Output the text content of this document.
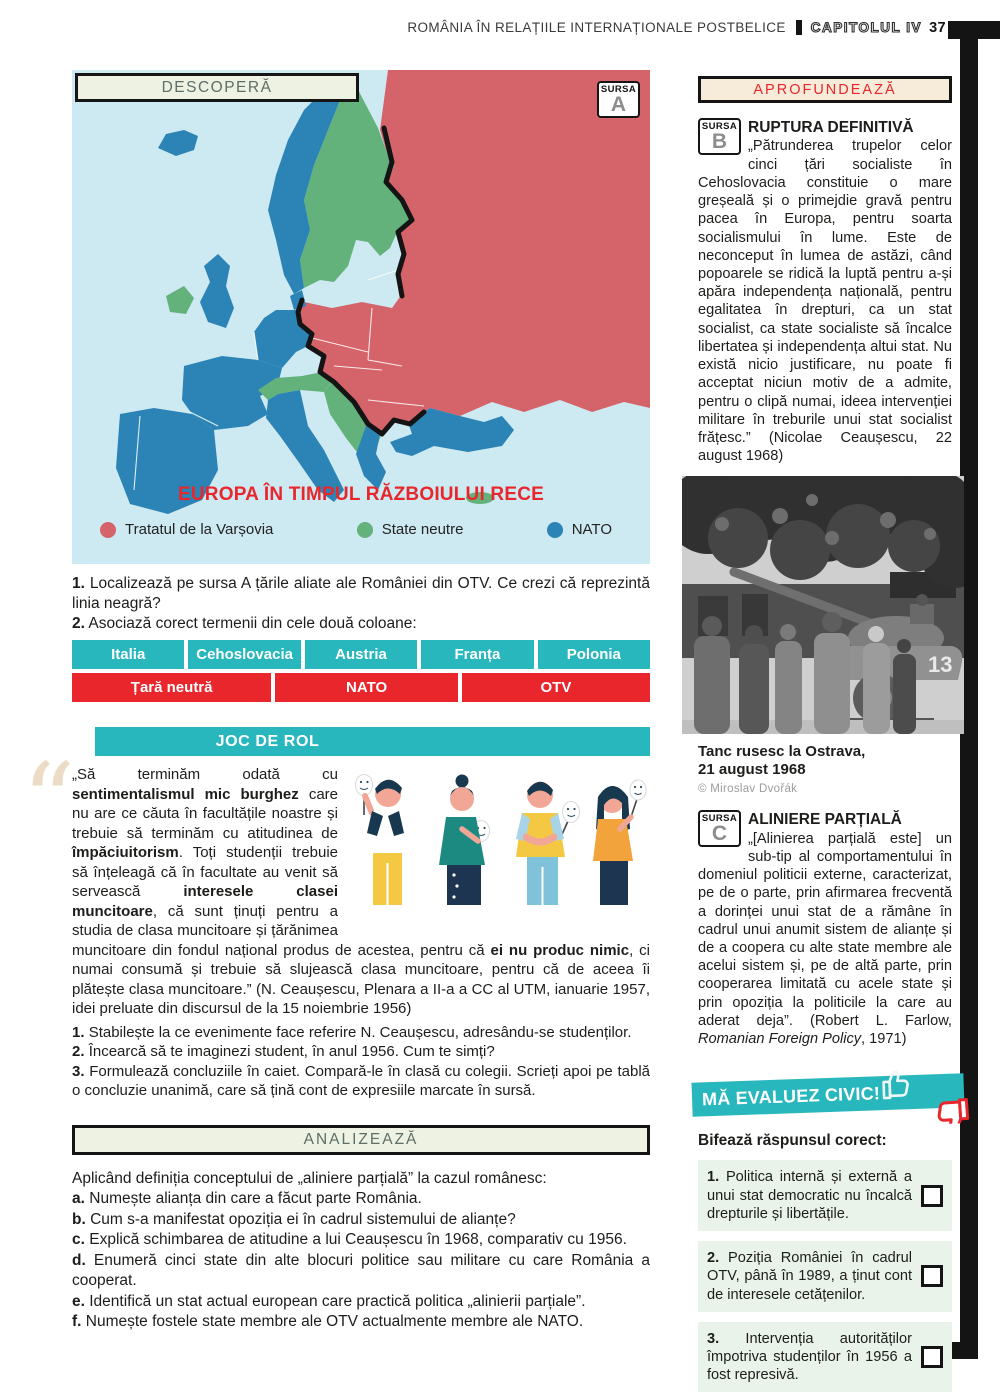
ROMÂNIA ÎN RELAȚIILE INTERNAȚIONALE POSTBELICE CAPITOLUL IV 37
DESCOPERĂ	SURSA
A
EUROPA ÎN TIMPUL RĂZBOIULUI RECE
Tratatul de la Varșovia	State neutre	NATO
1. Localizează pe sursa A țările aliate ale României din OTV. Ce crezi că reprezintă linia neagră?
2. Asociază corect termenii din cele două coloane:
Italia	Cehoslovacia	Austria	Franța	Polonia
Țară neutră	NATO	OTV
JOC DE ROL
“
„Să terminăm odată cu sentimentalismul mic burghez care nu are ce căuta în facultățile noastre și trebuie să terminăm cu atitudinea de împăciuitorism. Toți studenții trebuie să înțeleagă că în facultate au venit să servească interesele clasei muncitoare, că sunt ținuți pentru a studia de clasa muncitoare și țărănimea muncitoare din fondul național produs de acestea, pentru că ei nu produc nimic, ci numai consumă și trebuie să slujească clasa muncitoare, pentru că de aceea îi plătește clasa muncitoare.” (N. Ceaușescu, Plenara a II-a a CC al UTM, ianuarie 1957, idei preluate din discursul de la 15 noiembrie 1956)
1. Stabilește la ce evenimente face referire N. Ceaușescu, adresându-se studenților.
2. Încearcă să te imaginezi student, în anul 1956. Cum te simți?
3. Formulează concluziile în caiet. Compară-le în clasă cu colegii. Scrieți apoi pe tablă o concluzie unanimă, care să țină cont de expresiile marcate în sursă.
ANALIZEAZĂ
Aplicând definiția conceptului de „aliniere parțială” la cazul românesc:
a. Numește alianța din care a făcut parte România.
b. Cum s-a manifestat opoziția ei în cadrul sistemului de alianțe?
c. Explică schimbarea de atitudine a lui Ceaușescu în 1968, comparativ cu 1956.
d. Enumeră cinci state din alte blocuri politice sau militare cu care România a cooperat.
e. Identifică un stat actual european care practică politica „alinierii parțiale”.
f. Numește fostele state membre ale OTV actualmente membre ale NATO.
APROFUNDEAZĂ
SURSA
B
RUPTURA DEFINITIVĂ
„Pătrunderea trupelor celor cinci țări socialiste în Cehoslovacia constituie o mare greșeală și o primejdie gravă pentru pacea în Europa, pentru soarta socialismului în lume. Este de neconceput în lumea de astăzi, când popoarele se ridică la luptă pentru a-și apăra independența națională, pentru egalitatea în drepturi, ca un stat socialist, ca state socialiste să încalce libertatea și independența altui stat. Nu există nicio justificare, nu poate fi acceptat niciun motiv de a admite, pentru o clipă numai, ideea intervenției militare în treburile unui stat socialist frățesc.” (Nicolae Ceaușescu, 22 august 1968)
13
Tanc rusesc la Ostrava,
21 august 1968
© Miroslav Dvořák
SURSA
C
ALINIERE PARȚIALĂ
„[Alinierea parțială este] un sub-tip al comportamentului în domeniul politicii externe, caracterizat, pe de o parte, prin afirmarea frecventă a dorinței unui stat de a rămâne în cadrul unui anumit sistem de alianțe și de a coopera cu alte state membre ale acelui sistem și, pe de altă parte, prin cooperarea limitată cu acele state și prin opoziția la politicile la care au aderat deja”. (Robert L. Farlow, Romanian Foreign Policy, 1971)
MĂ EVALUEZ CIVIC!
Bifează răspunsul corect:
1. Politica internă și externă a unui stat democratic nu încalcă drepturile și libertățile.
2. Poziția României în cadrul OTV, până în 1989, a ținut cont de interesele cetățenilor.
3. Intervenția autorităților împotriva studenților în 1956 a fost represivă.
